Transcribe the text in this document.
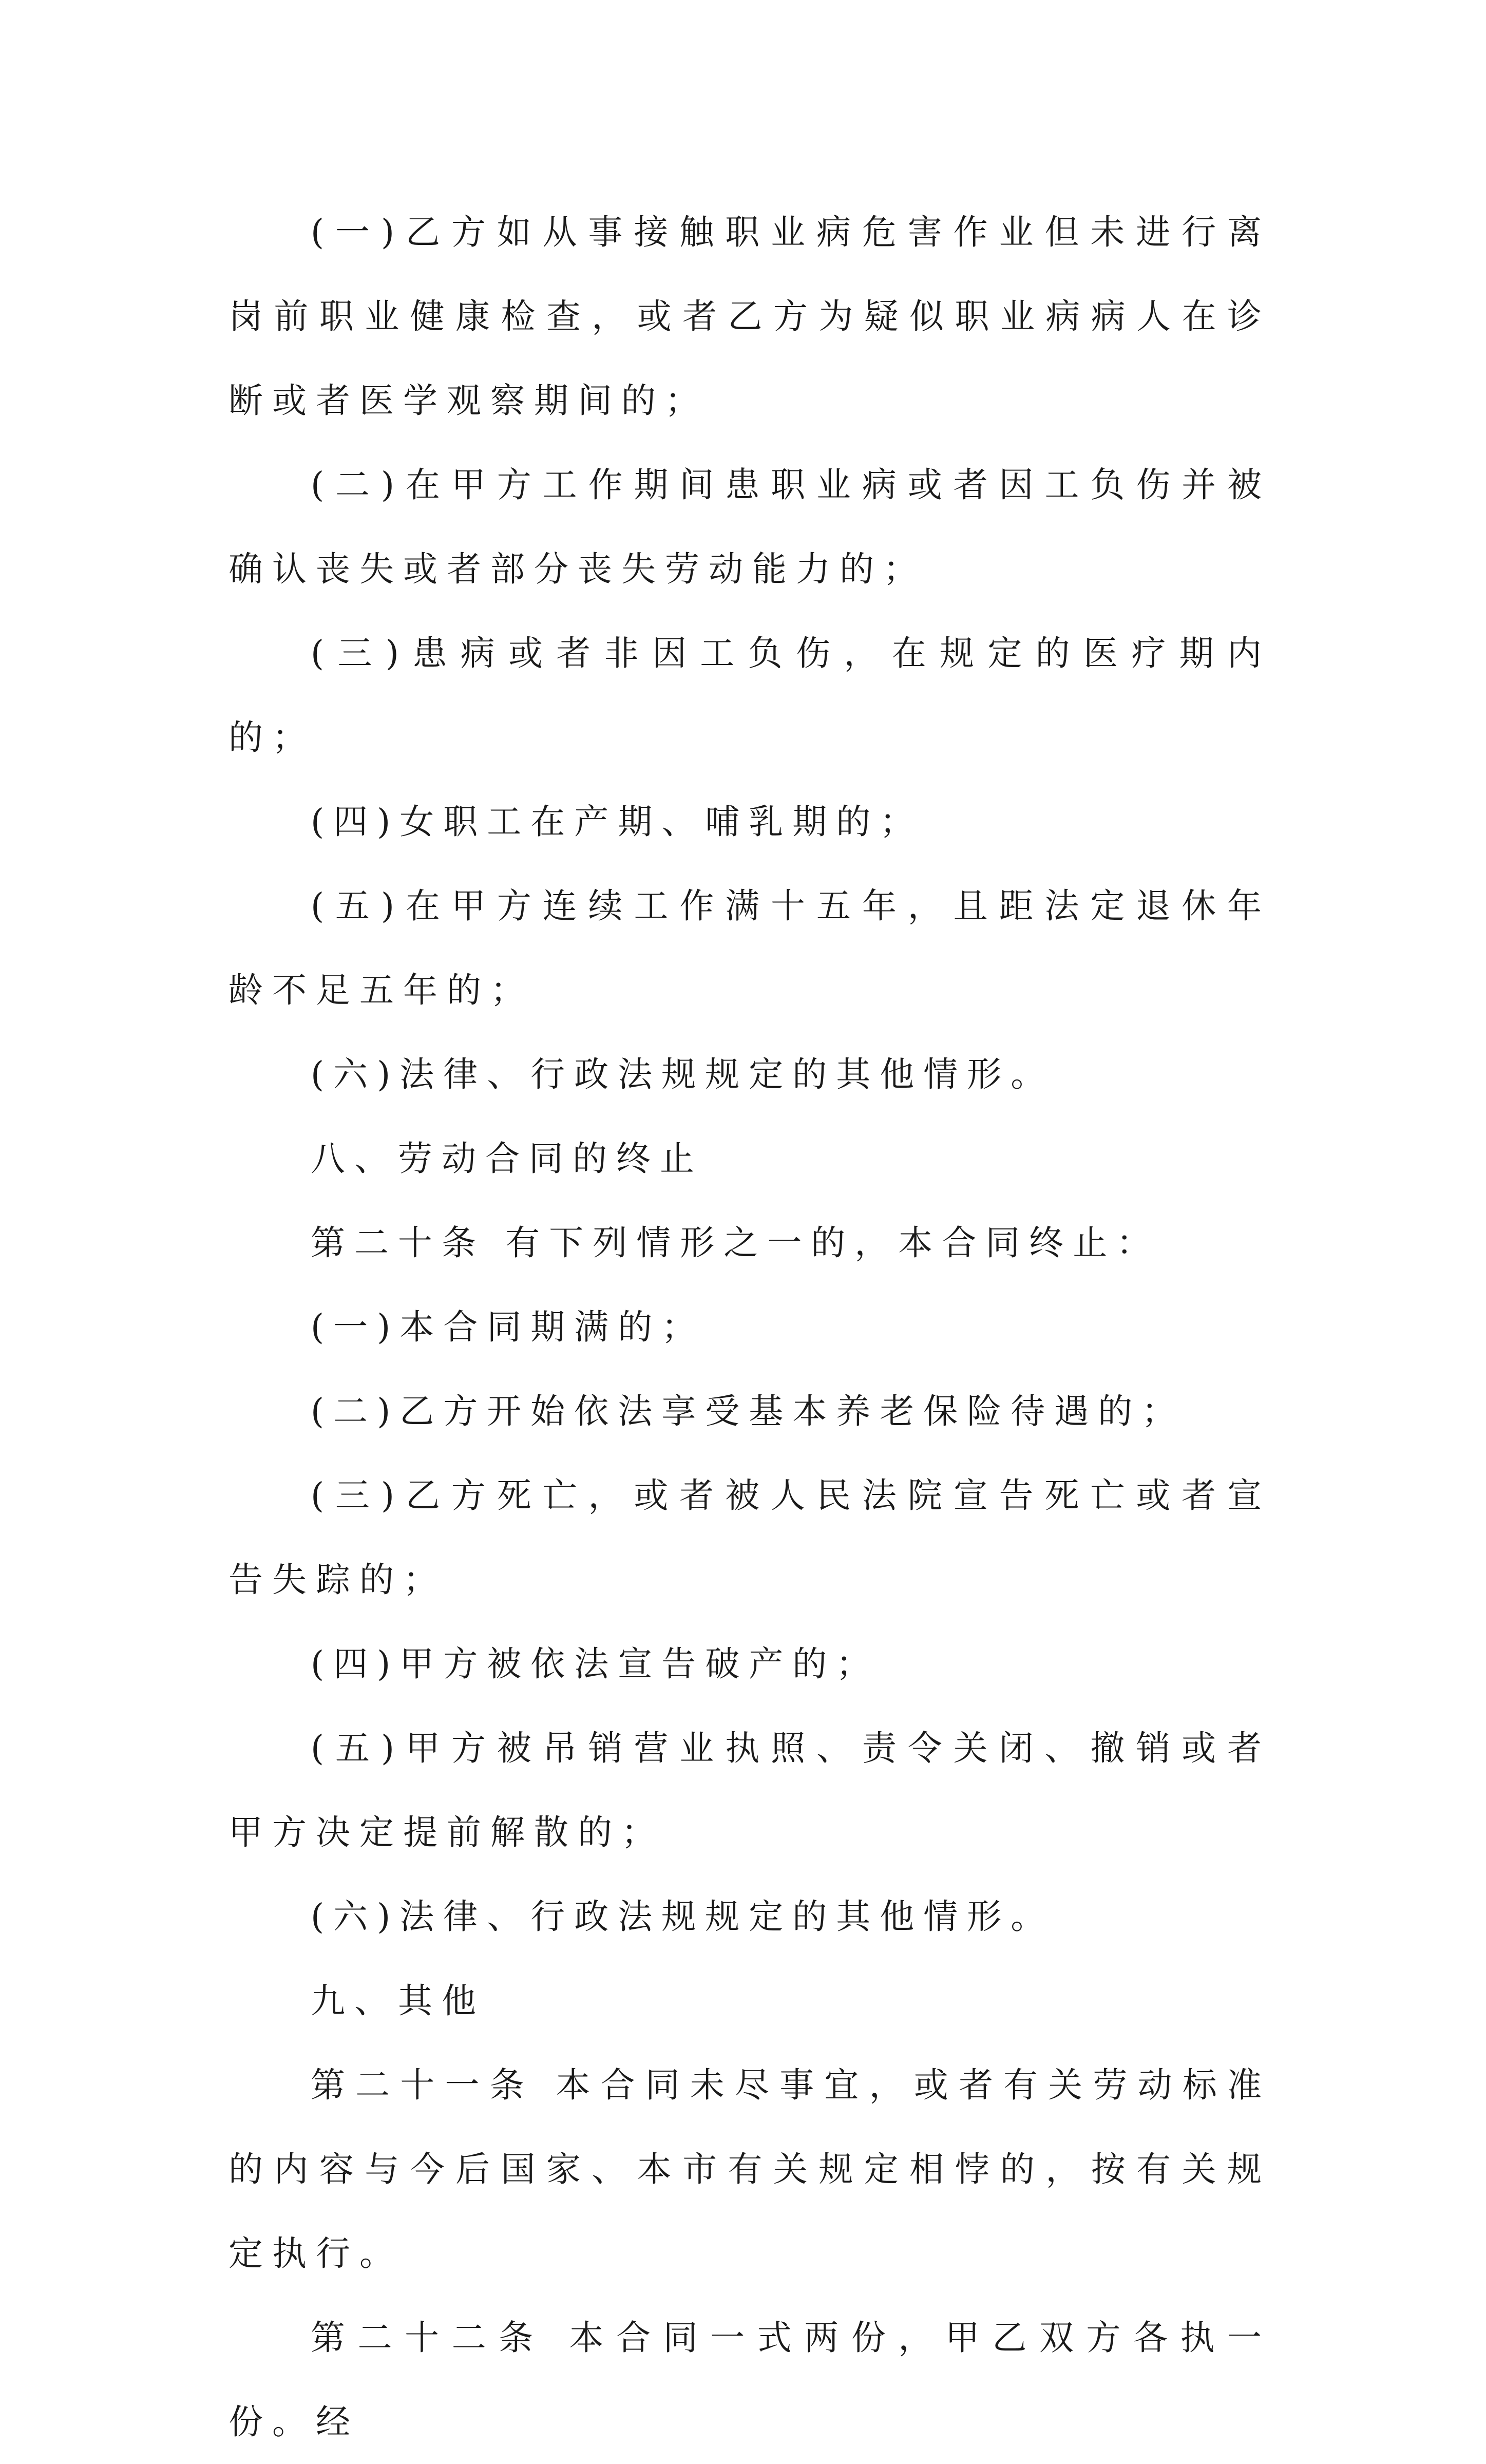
(一)乙方如从事接触职业病危害作业但未进行离岗前职业健康检查，或者乙方为疑似职业病病人在诊断或者医学观察期间的；

(二)在甲方工作期间患职业病或者因工负伤并被确认丧失或者部分丧失劳动能力的；

(三)患病或者非因工负伤，在规定的医疗期内的；

(四)女职工在产期、哺乳期的；

(五)在甲方连续工作满十五年，且距法定退休年龄不足五年的；

(六)法律、行政法规规定的其他情形。

八、劳动合同的终止

第二十条 有下列情形之一的，本合同终止：

(一)本合同期满的；

(二)乙方开始依法享受基本养老保险待遇的；

(三)乙方死亡，或者被人民法院宣告死亡或者宣告失踪的；

(四)甲方被依法宣告破产的；

(五)甲方被吊销营业执照、责令关闭、撤销或者甲方决定提前解散的；

(六)法律、行政法规规定的其他情形。

九、其他

第二十一条 本合同未尽事宜，或者有关劳动标准的内容与今后国家、本市有关规定相悖的，按有关规定执行。

第二十二条 本合同一式两份，甲乙双方各执一份。经
